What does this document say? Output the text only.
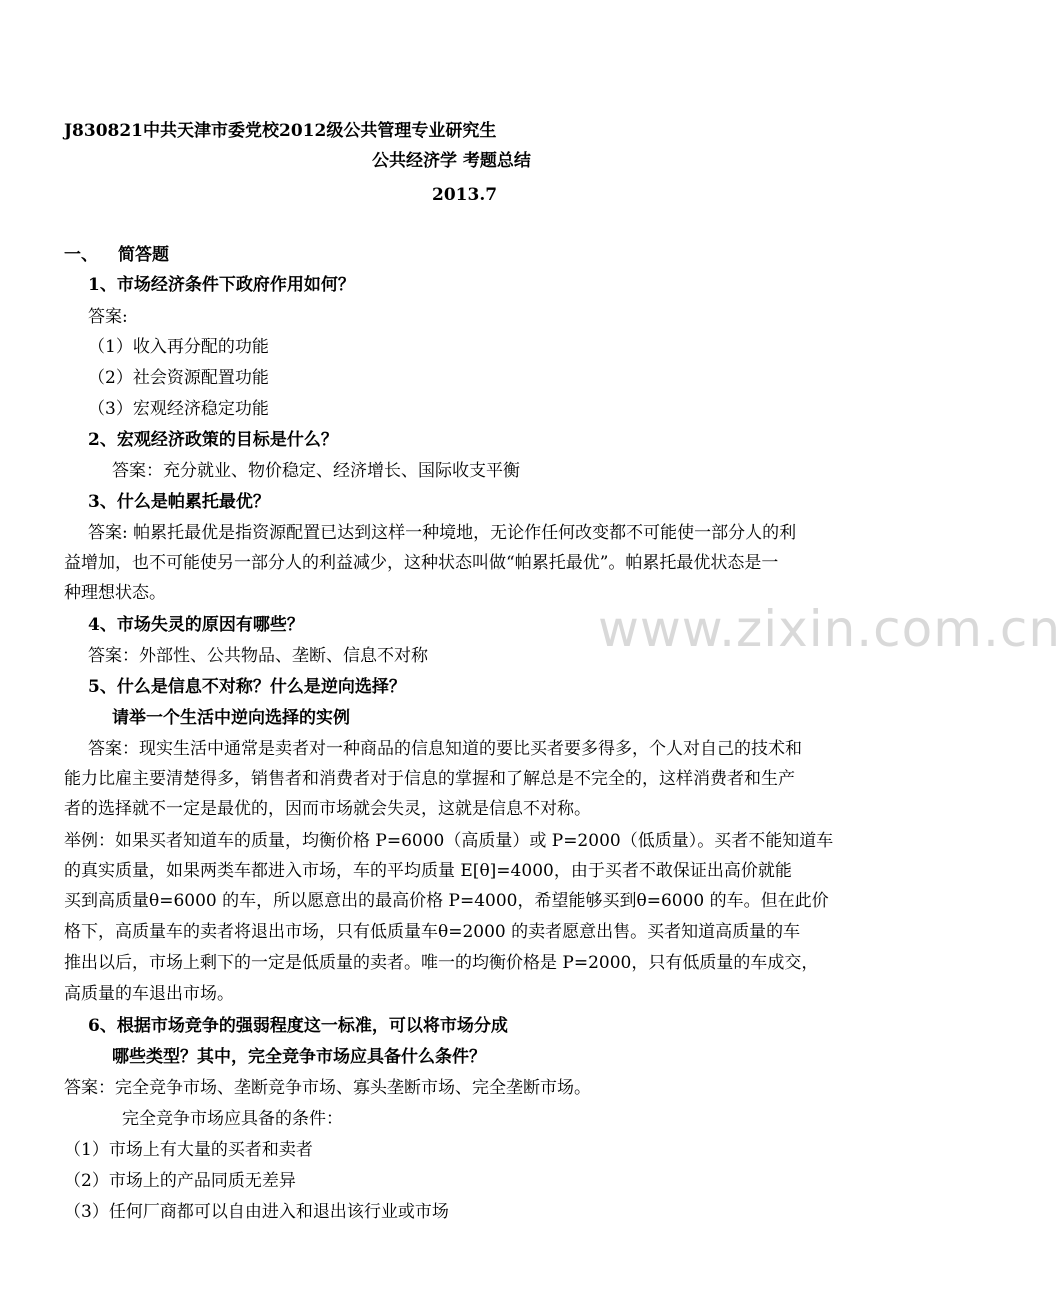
www.zixin.com.cn
J830821中共天津市委党校2012级公共管理专业研究生
公共经济学 考题总结
2013.7
一、 简答题
1、市场经济条件下政府作用如何？
答案:
（1）收入再分配的功能
（2）社会资源配置功能
（3）宏观经济稳定功能
2、宏观经济政策的目标是什么？
答案：充分就业、物价稳定、经济增长、国际收支平衡
3、什么是帕累托最优？
答案: 帕累托最优是指资源配置已达到这样一种境地，无论作任何改变都不可能使一部分人的利
益增加，也不可能使另一部分人的利益减少，这种状态叫做“帕累托最优”。帕累托最优状态是一
种理想状态。
4、市场失灵的原因有哪些？
答案：外部性、公共物品、垄断、信息不对称
5、什么是信息不对称？什么是逆向选择？
请举一个生活中逆向选择的实例
答案：现实生活中通常是卖者对一种商品的信息知道的要比买者要多得多，个人对自己的技术和
能力比雇主要清楚得多，销售者和消费者对于信息的掌握和了解总是不完全的，这样消费者和生产
者的选择就不一定是最优的，因而市场就会失灵，这就是信息不对称。
举例：如果买者知道车的质量，均衡价格 P=6000（高质量）或 P=2000（低质量）。买者不能知道车
的真实质量，如果两类车都进入市场，车的平均质量 E[θ]=4000，由于买者不敢保证出高价就能
买到高质量θ=6000 的车，所以愿意出的最高价格 P=4000，希望能够买到θ=6000 的车。但在此价
格下，高质量车的卖者将退出市场，只有低质量车θ=2000 的卖者愿意出售。买者知道高质量的车
推出以后，市场上剩下的一定是低质量的卖者。唯一的均衡价格是 P=2000，只有低质量的车成交，
高质量的车退出市场。
6、根据市场竞争的强弱程度这一标准，可以将市场分成
哪些类型？其中，完全竞争市场应具备什么条件？
答案：完全竞争市场、垄断竞争市场、寡头垄断市场、完全垄断市场。
完全竞争市场应具备的条件：
（1）市场上有大量的买者和卖者
（2）市场上的产品同质无差异
（3）任何厂商都可以自由进入和退出该行业或市场
